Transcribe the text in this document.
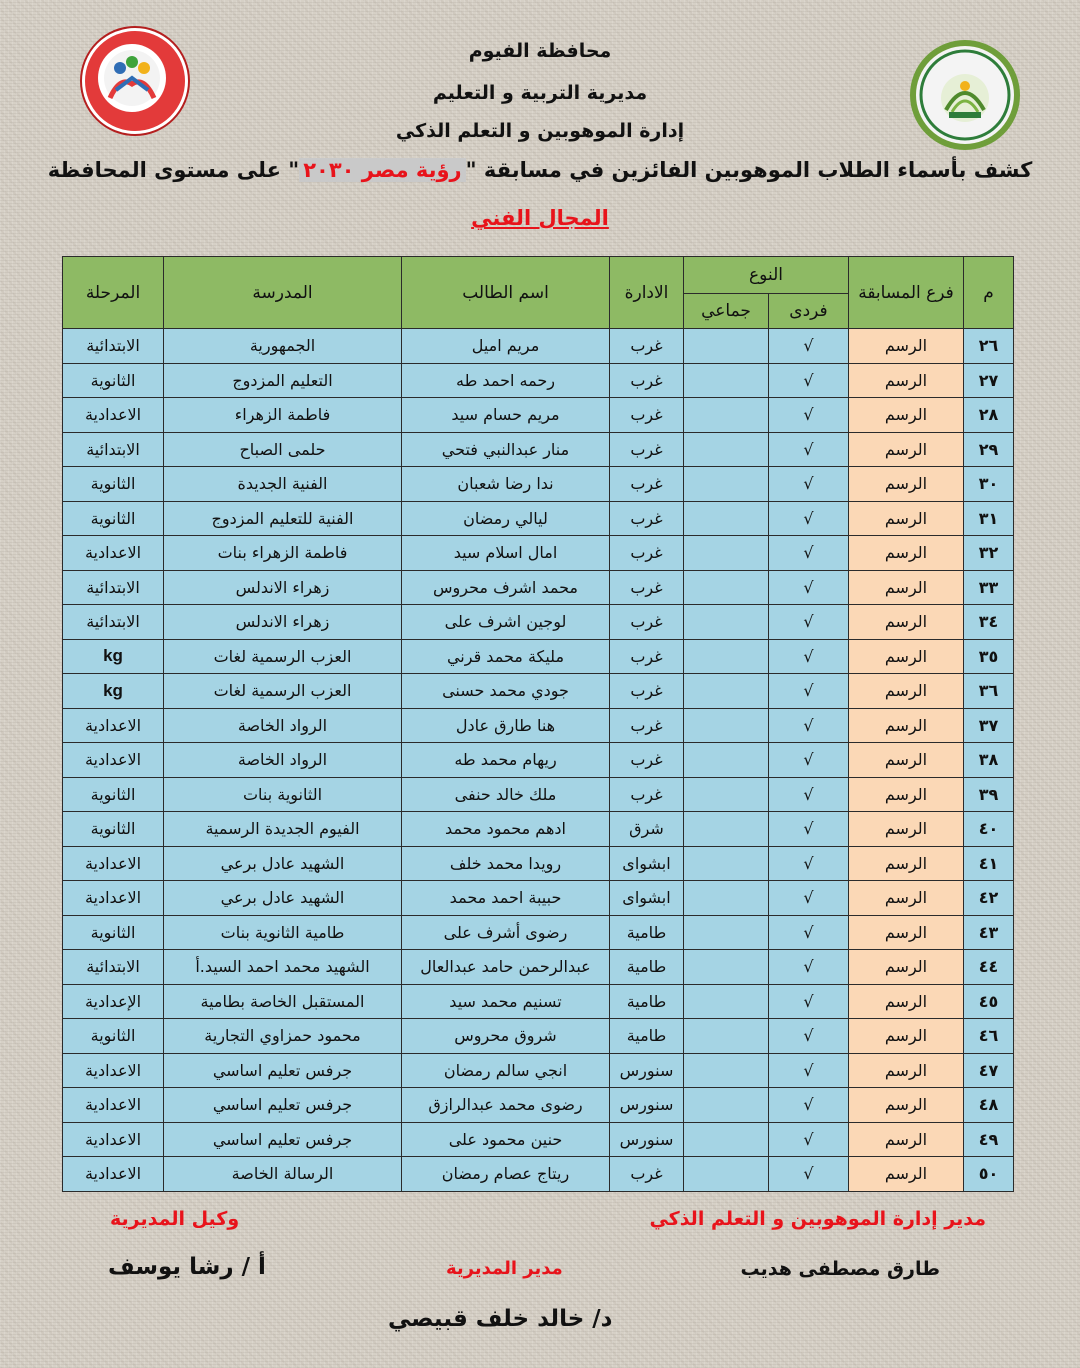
محافظة الفيوم
مديرية التربية و التعليم
إدارة الموهوبين و التعلم الذكي
كشف بأسماء الطلاب الموهوبين الفائزين في مسابقة "رؤية مصر ٢٠٣٠" على مستوى المحافظة
المجال الفني
م	فرع المسابقة	النوع		الادارة	اسم الطالب	المدرسة	المرحلة
		فردى	جماعي				
٢٦	الرسم	√		غرب	مريم اميل	الجمهورية	الابتدائية
٢٧	الرسم	√		غرب	رحمه احمد طه	التعليم المزدوج	الثانوية
٢٨	الرسم	√		غرب	مريم حسام سيد	فاطمة الزهراء	الاعدادية
٢٩	الرسم	√		غرب	منار عبدالنبي فتحي	حلمى الصباح	الابتدائية
٣٠	الرسم	√		غرب	ندا رضا شعبان	الفنية الجديدة	الثانوية
٣١	الرسم	√		غرب	ليالي رمضان	الفنية للتعليم المزدوج	الثانوية
٣٢	الرسم	√		غرب	امال اسلام سيد	فاطمة الزهراء بنات	الاعدادية
٣٣	الرسم	√		غرب	محمد اشرف محروس	زهراء الاندلس	الابتدائية
٣٤	الرسم	√		غرب	لوجين اشرف على	زهراء الاندلس	الابتدائية
٣٥	الرسم	√		غرب	مليكة محمد قرني	العزب الرسمية لغات	kg
٣٦	الرسم	√		غرب	جودي محمد حسنى	العزب الرسمية لغات	kg
٣٧	الرسم	√		غرب	هنا طارق عادل	الرواد الخاصة	الاعدادية
٣٨	الرسم	√		غرب	ريهام محمد طه	الرواد الخاصة	الاعدادية
٣٩	الرسم	√		غرب	ملك خالد حنفى	الثانوية بنات	الثانوية
٤٠	الرسم	√		شرق	ادهم محمود محمد	الفيوم الجديدة الرسمية	الثانوية
٤١	الرسم	√		ابشواى	رويدا محمد خلف	الشهيد عادل برعي	الاعدادية
٤٢	الرسم	√		ابشواى	حبيبة احمد محمد	الشهيد عادل برعي	الاعدادية
٤٣	الرسم	√		طامية	رضوى أشرف على	طامية الثانوية بنات	الثانوية
٤٤	الرسم	√		طامية	عبدالرحمن حامد عبدالعال	الشهيد محمد احمد السيد.أ	الابتدائية
٤٥	الرسم	√		طامية	تسنيم محمد سيد	المستقبل الخاصة بطامية	الإعدادية
٤٦	الرسم	√		طامية	شروق محروس	محمود حمزاوي التجارية	الثانوية
٤٧	الرسم	√		سنورس	انجي سالم رمضان	جرفس تعليم اساسي	الاعدادية
٤٨	الرسم	√		سنورس	رضوى محمد عبدالرازق	جرفس تعليم اساسي	الاعدادية
٤٩	الرسم	√		سنورس	حنين محمود على	جرفس تعليم اساسي	الاعدادية
٥٠	الرسم	√		غرب	ريتاج عصام رمضان	الرسالة الخاصة	الاعدادية
مدير إدارة الموهوبين و التعلم الذكي
طارق مصطفى هديب
وكيل المديرية
أ / رشا يوسف	مدير المديرية
د/ خالد خلف قبيصي
